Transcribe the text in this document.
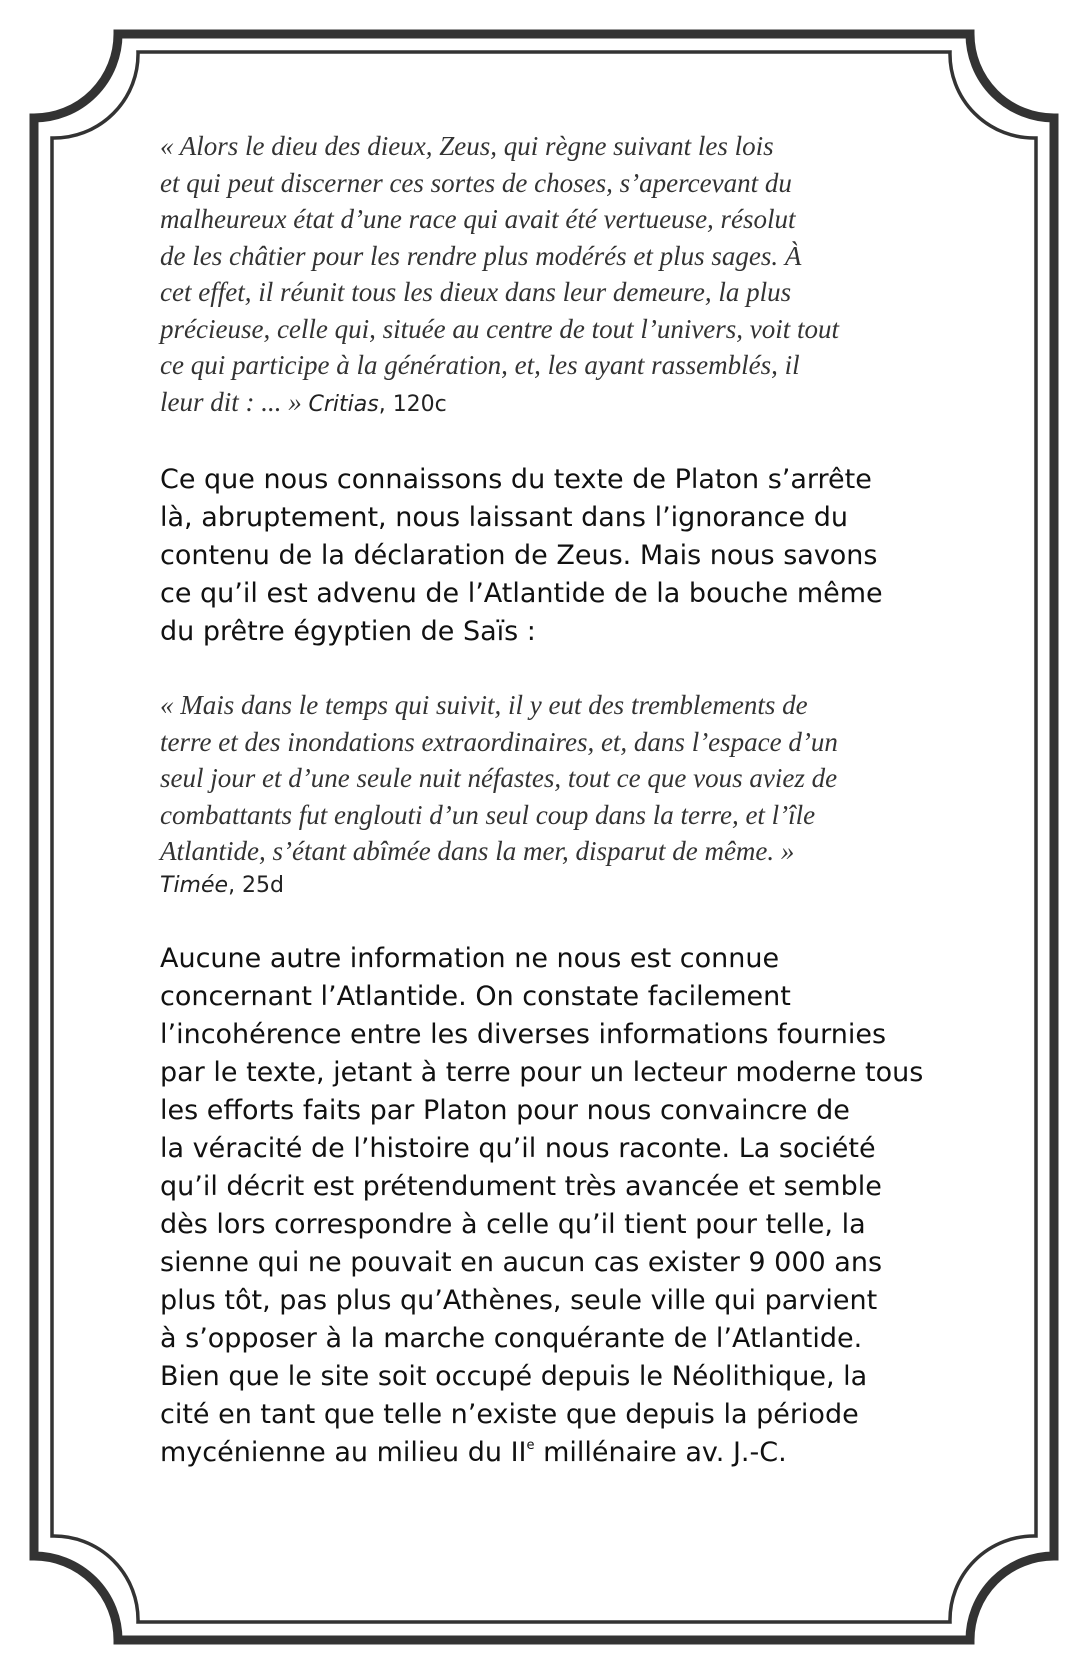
« Alors le dieu des dieux, Zeus, qui règne suivant les lois
et qui peut discerner ces sortes de choses, s’apercevant du
malheureux état d’une race qui avait été vertueuse, résolut
de les châtier pour les rendre plus modérés et plus sages. À
cet effet, il réunit tous les dieux dans leur demeure, la plus
précieuse, celle qui, située au centre de tout l’univers, voit tout
ce qui participe à la génération, et, les ayant rassemblés, il
leur dit : ... » Critias, 120c

Ce que nous connaissons du texte de Platon s’arrête
là, abruptement, nous laissant dans l’ignorance du
contenu de la déclaration de Zeus. Mais nous savons
ce qu’il est advenu de l’Atlantide de la bouche même
du prêtre égyptien de Saïs :

« Mais dans le temps qui suivit, il y eut des tremblements de
terre et des inondations extraordinaires, et, dans l’espace d’un
seul jour et d’une seule nuit néfastes, tout ce que vous aviez de
combattants fut englouti d’un seul coup dans la terre, et l’île
Atlantide, s’étant abîmée dans la mer, disparut de même. »
Timée, 25d

Aucune autre information ne nous est connue
concernant l’Atlantide. On constate facilement
l’incohérence entre les diverses informations fournies
par le texte, jetant à terre pour un lecteur moderne tous
les efforts faits par Platon pour nous convaincre de
la véracité de l’histoire qu’il nous raconte. La société
qu’il décrit est prétendument très avancée et semble
dès lors correspondre à celle qu’il tient pour telle, la
sienne qui ne pouvait en aucun cas exister 9 000 ans
plus tôt, pas plus qu’Athènes, seule ville qui parvient
à s’opposer à la marche conquérante de l’Atlantide.
Bien que le site soit occupé depuis le Néolithique, la
cité en tant que telle n’existe que depuis la période
mycénienne au milieu du IIe millénaire av. J.-C.
